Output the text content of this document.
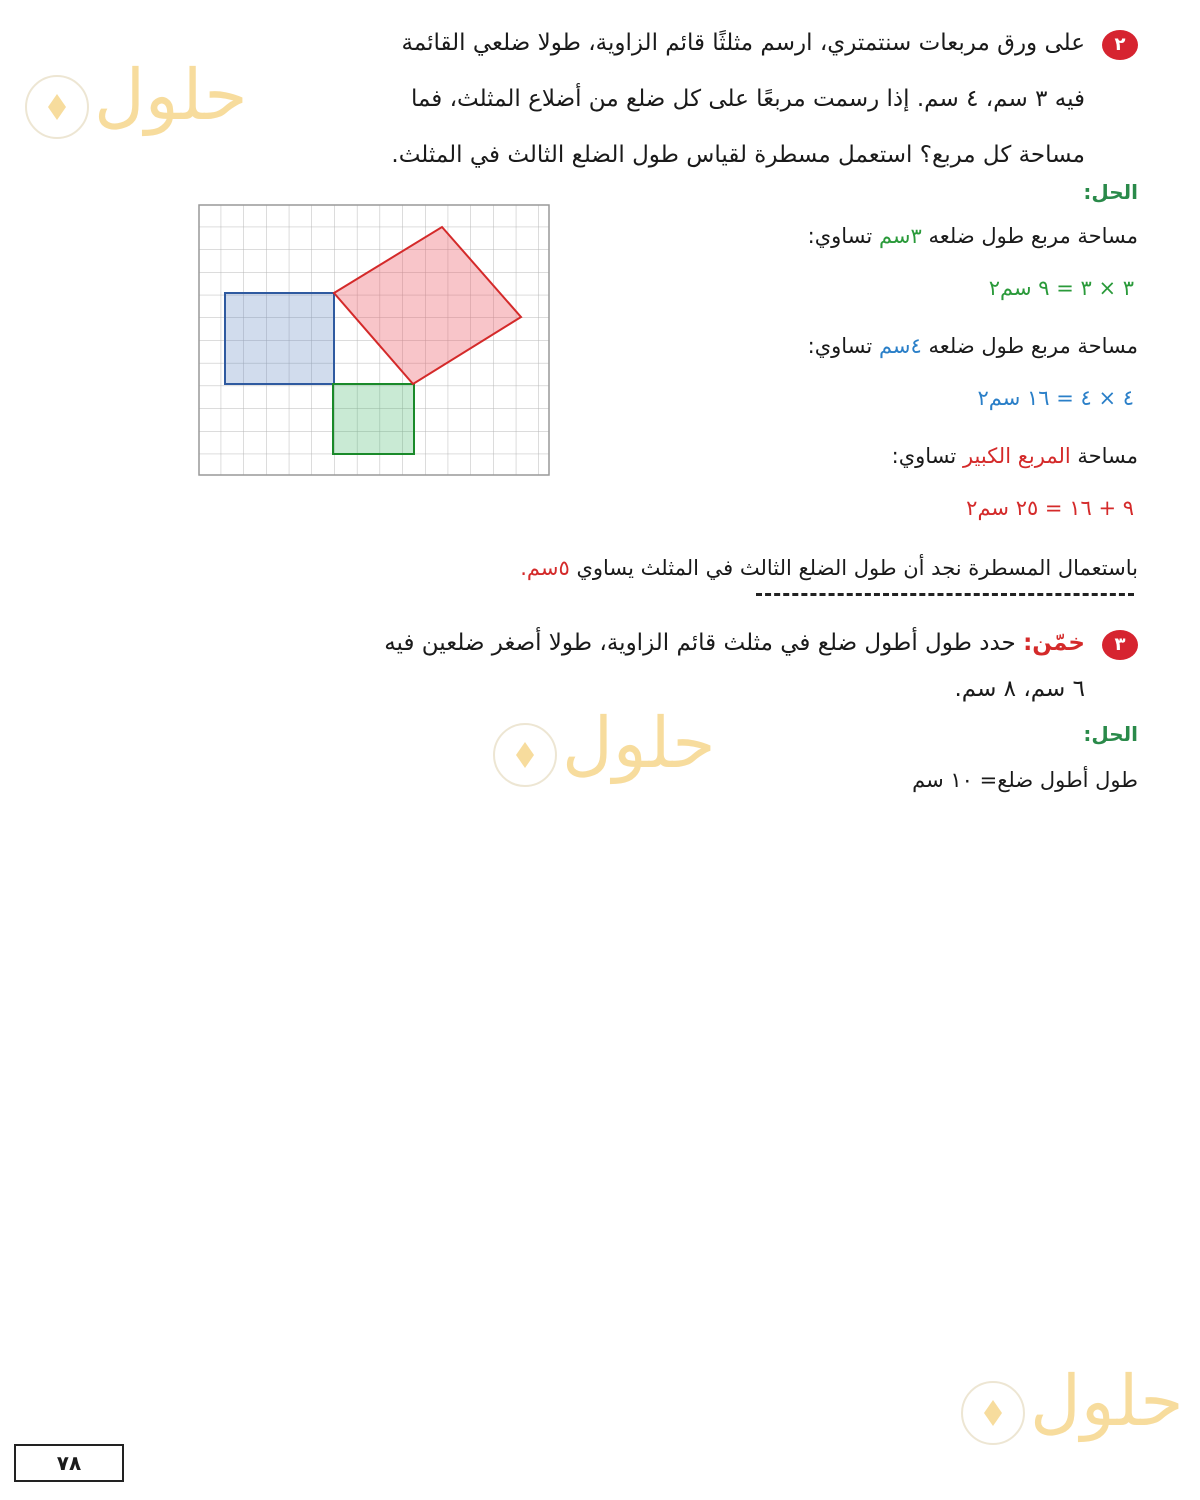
٢
على ورق مربعات سنتمتري، ارسم مثلثًا قائم الزاوية، طولا ضلعي القائمة
فيه ٣ سم، ٤ سم. إذا رسمت مربعًا على كل ضلع من أضلاع المثلث، فما
مساحة كل مربع؟ استعمل مسطرة لقياس طول الضلع الثالث في المثلث.
الحل:
مساحة مربع طول ضلعه ٣سم تساوي:
٣ × ٣ = ٩ سم٢
مساحة مربع طول ضلعه ٤سم تساوي:
٤ × ٤ = ١٦ سم٢
مساحة المربع الكبير تساوي:
٩ + ١٦ = ٢٥ سم٢
باستعمال المسطرة نجد أن طول الضلع الثالث في المثلث يساوي ٥سم.
٣
خمّن: حدد طول أطول ضلع في مثلث قائم الزاوية، طولا أصغر ضلعين فيه
٦ سم، ٨ سم.
الحل:
طول أطول ضلع= ١٠ سم
حلول
حلول
حلول
٧٨
